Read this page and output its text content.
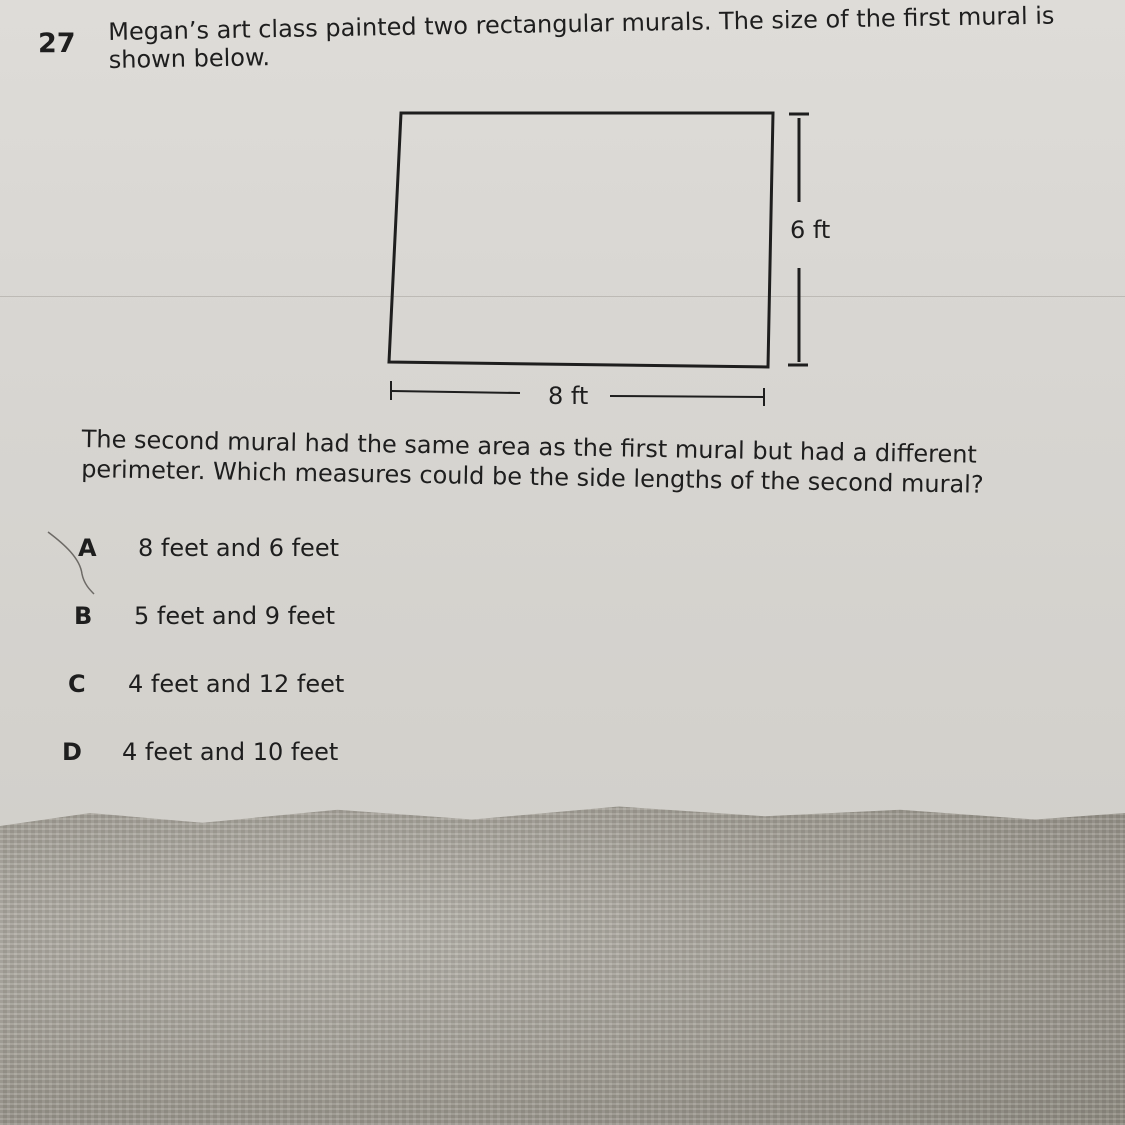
27 Megan’s art class painted two rectangular murals. The size of the first mural is shown below.
6 ft
8 ft
The second mural had the same area as the first mural but had a different perimeter. Which measures could be the side lengths of the second mural?
A 8 feet and 6 feet
B 5 feet and 9 feet
C 4 feet and 12 feet
D 4 feet and 10 feet
